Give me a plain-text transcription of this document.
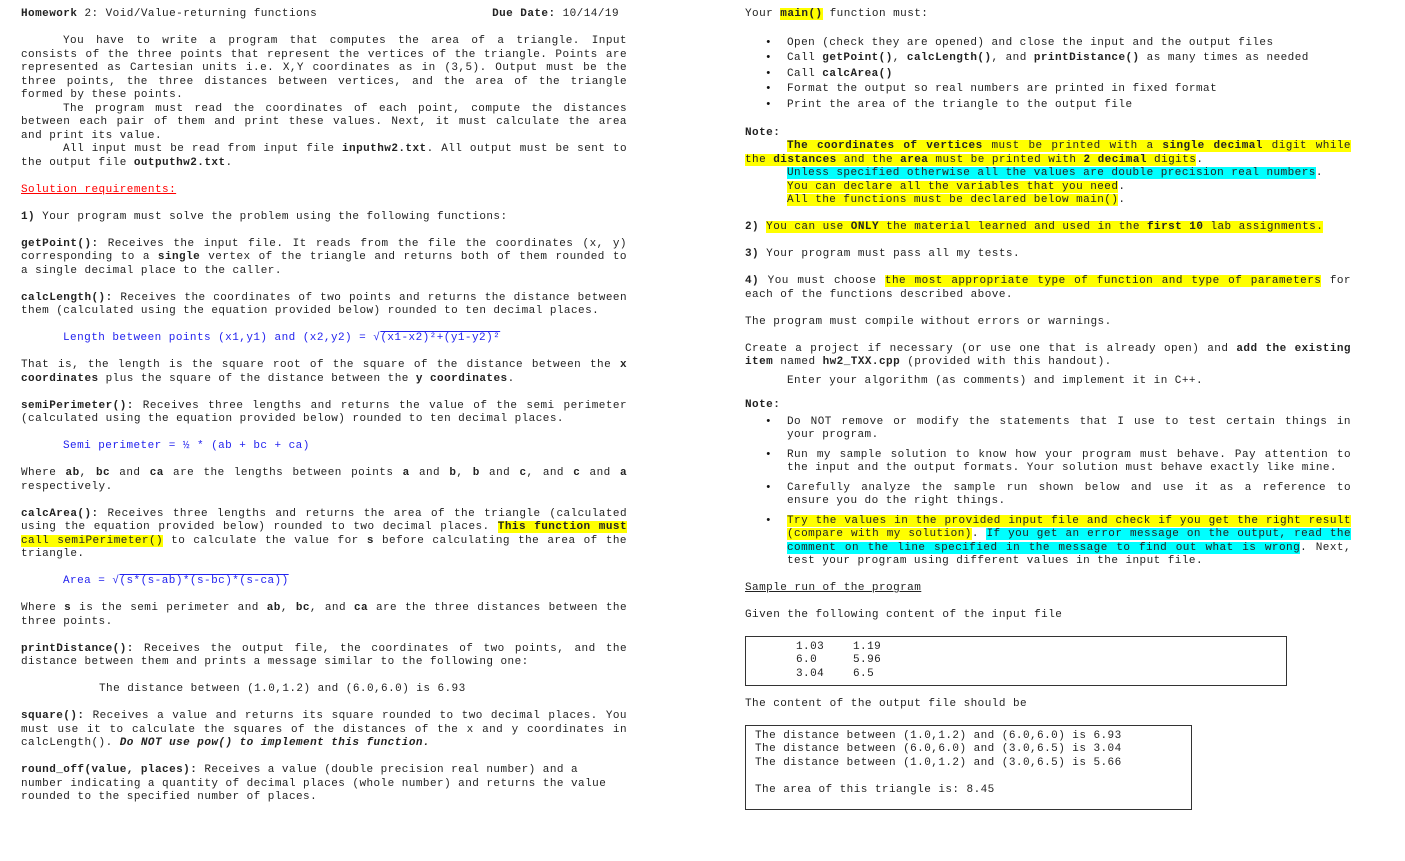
Homework 2: Void/Value-returning functions	Due Date: 10/14/19

You have to write a program that computes the area of a triangle. Input consists of the three points that represent the vertices of the triangle. Points are represented as Cartesian units i.e. X,Y coordinates as in (3,5). Output must be the three points, the three distances between vertices, and the area of the triangle formed by these points.

The program must read the coordinates of each point, compute the distances between each pair of them and print these values. Next, it must calculate the area and print its value.

All input must be read from input file inputhw2.txt. All output must be sent to the output file outputhw2.txt.

Solution requirements:

1) Your program must solve the problem using the following functions:

getPoint(): Receives the input file. It reads from the file the coordinates (x, y) corresponding to a single vertex of the triangle and returns both of them rounded to a single decimal place to the caller.

calcLength(): Receives the coordinates of two points and returns the distance between them (calculated using the equation provided below) rounded to ten decimal places.

Length between points (x1,y1) and (x2,y2) = √(x1-x2)²+(y1-y2)²

That is, the length is the square root of the square of the distance between the x coordinates plus the square of the distance between the y coordinates.

semiPerimeter(): Receives three lengths and returns the value of the semi perimeter (calculated using the equation provided below) rounded to ten decimal places.

Semi perimeter = ½ * (ab + bc + ca)

Where ab, bc and ca are the lengths between points a and b, b and c, and c and a respectively.

calcArea(): Receives three lengths and returns the area of the triangle (calculated using the equation provided below) rounded to two decimal places. This function must call semiPerimeter() to calculate the value for s before calculating the area of the triangle.

Area = √(s*(s-ab)*(s-bc)*(s-ca))

Where s is the semi perimeter and ab, bc, and ca are the three distances between the three points.

printDistance(): Receives the output file, the coordinates of two points, and the distance between them and prints a message similar to the following one:

The distance between (1.0,1.2) and (6.0,6.0) is 6.93

square(): Receives a value and returns its square rounded to two decimal places. You must use it to calculate the squares of the distances of the x and y coordinates in calcLength(). Do NOT use pow() to implement this function.

round_off(value, places): Receives a value (double precision real number) and a number indicating a quantity of decimal places (whole number) and returns the value rounded to the specified number of places.

Your main() function must:

• Open (check they are opened) and close the input and the output files
• Call getPoint(), calcLength(), and printDistance() as many times as needed
• Call calcArea()
• Format the output so real numbers are printed in fixed format
• Print the area of the triangle to the output file

Note:

The coordinates of vertices must be printed with a single decimal digit while the distances and the area must be printed with 2 decimal digits.

Unless specified otherwise all the values are double precision real numbers.

You can declare all the variables that you need.

All the functions must be declared below main().

2) You can use ONLY the material learned and used in the first 10 lab assignments.

3) Your program must pass all my tests.

4) You must choose the most appropriate type of function and type of parameters for each of the functions described above.

The program must compile without errors or warnings.

Create a project if necessary (or use one that is already open) and add the existing item named hw2_TXX.cpp (provided with this handout).

Enter your algorithm (as comments) and implement it in C++.

Note:

• Do NOT remove or modify the statements that I use to test certain things in your program.
• Run my sample solution to know how your program must behave. Pay attention to the input and the output formats. Your solution must behave exactly like mine.
• Carefully analyze the sample run shown below and use it as a reference to ensure you do the right things.
• Try the values in the provided input file and check if you get the right result (compare with my solution). If you get an error message on the output, read the comment on the line specified in the message to find out what is wrong. Next, test your program using different values in the input file.

Sample run of the program

Given the following content of the input file

1.03	1.19
6.0	5.96
3.04	6.5

The content of the output file should be

The distance between (1.0,1.2) and (6.0,6.0) is 6.93
The distance between (6.0,6.0) and (3.0,6.5) is 3.04
The distance between (1.0,1.2) and (3.0,6.5) is 5.66
The area of this triangle is: 8.45
